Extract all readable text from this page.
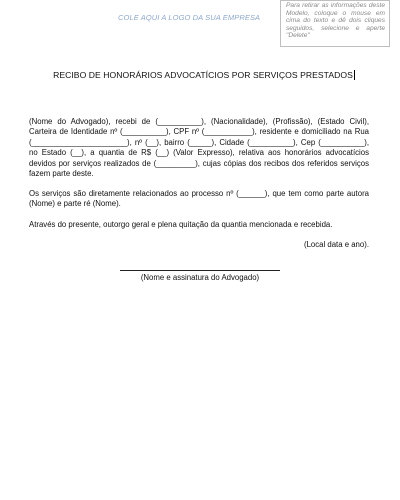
COLE AQUI A LOGO DA SUA EMPRESA
Para retirar as informações deste Modelo, coloque o mouse em cima do texto e dê dois cliques seguidos, selecione e aperte "Delete"
RECIBO DE HONORÁRIOS ADVOCATÍCIOS POR SERVIÇOS PRESTADOS

(Nome do Advogado), recebi de (__________), (Nacionalidade), (Profissão), (Estado Civil), Carteira de Identidade nº (__________), CPF nº (___________), residente e domiciliado na Rua (______________________), nº (__), bairro (_____), Cidade (__________), Cep (__________), no Estado (__), a quantia de R$ (__) (Valor Expresso), relativa aos honorários advocatícios devidos por serviços realizados de (_________), cujas cópias dos recibos dos referidos serviços fazem parte deste.

Os serviços são diretamente relacionados ao processo nº (______), que tem como parte autora (Nome) e parte ré (Nome).

Através do presente, outorgo geral e plena quitação da quantia mencionada e recebida.

(Local data e ano).
(Nome e assinatura do Advogado)
